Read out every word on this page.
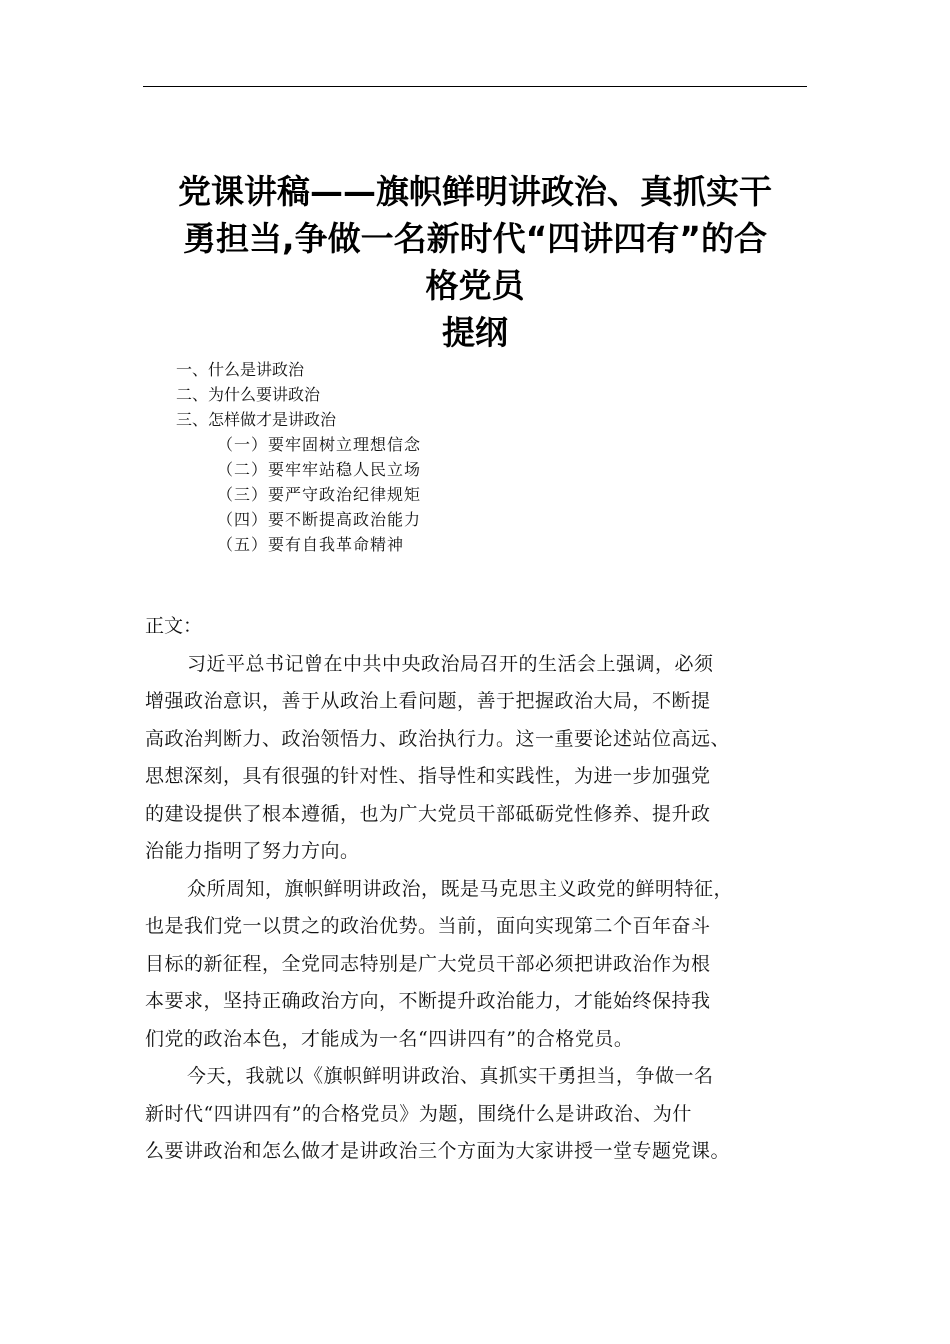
党课讲稿——旗帜鲜明讲政治、真抓实干
勇担当,争做一名新时代“四讲四有”的合
格党员
提纲
一、什么是讲政治
二、为什么要讲政治
三、怎样做才是讲政治
（一）要牢固树立理想信念
（二）要牢牢站稳人民立场
（三）要严守政治纪律规矩
（四）要不断提高政治能力
（五）要有自我革命精神
正文：
习近平总书记曾在中共中央政治局召开的生活会上强调，必须
增强政治意识，善于从政治上看问题，善于把握政治大局，不断提
高政治判断力、政治领悟力、政治执行力。这一重要论述站位高远、
思想深刻，具有很强的针对性、指导性和实践性，为进一步加强党
的建设提供了根本遵循，也为广大党员干部砥砺党性修养、提升政
治能力指明了努力方向。
众所周知，旗帜鲜明讲政治，既是马克思主义政党的鲜明特征，
也是我们党一以贯之的政治优势。当前，面向实现第二个百年奋斗
目标的新征程，全党同志特别是广大党员干部必须把讲政治作为根
本要求，坚持正确政治方向，不断提升政治能力，才能始终保持我
们党的政治本色，才能成为一名“四讲四有”的合格党员。
今天，我就以《旗帜鲜明讲政治、真抓实干勇担当，争做一名
新时代“四讲四有”的合格党员》为题，围绕什么是讲政治、为什
么要讲政治和怎么做才是讲政治三个方面为大家讲授一堂专题党课。
